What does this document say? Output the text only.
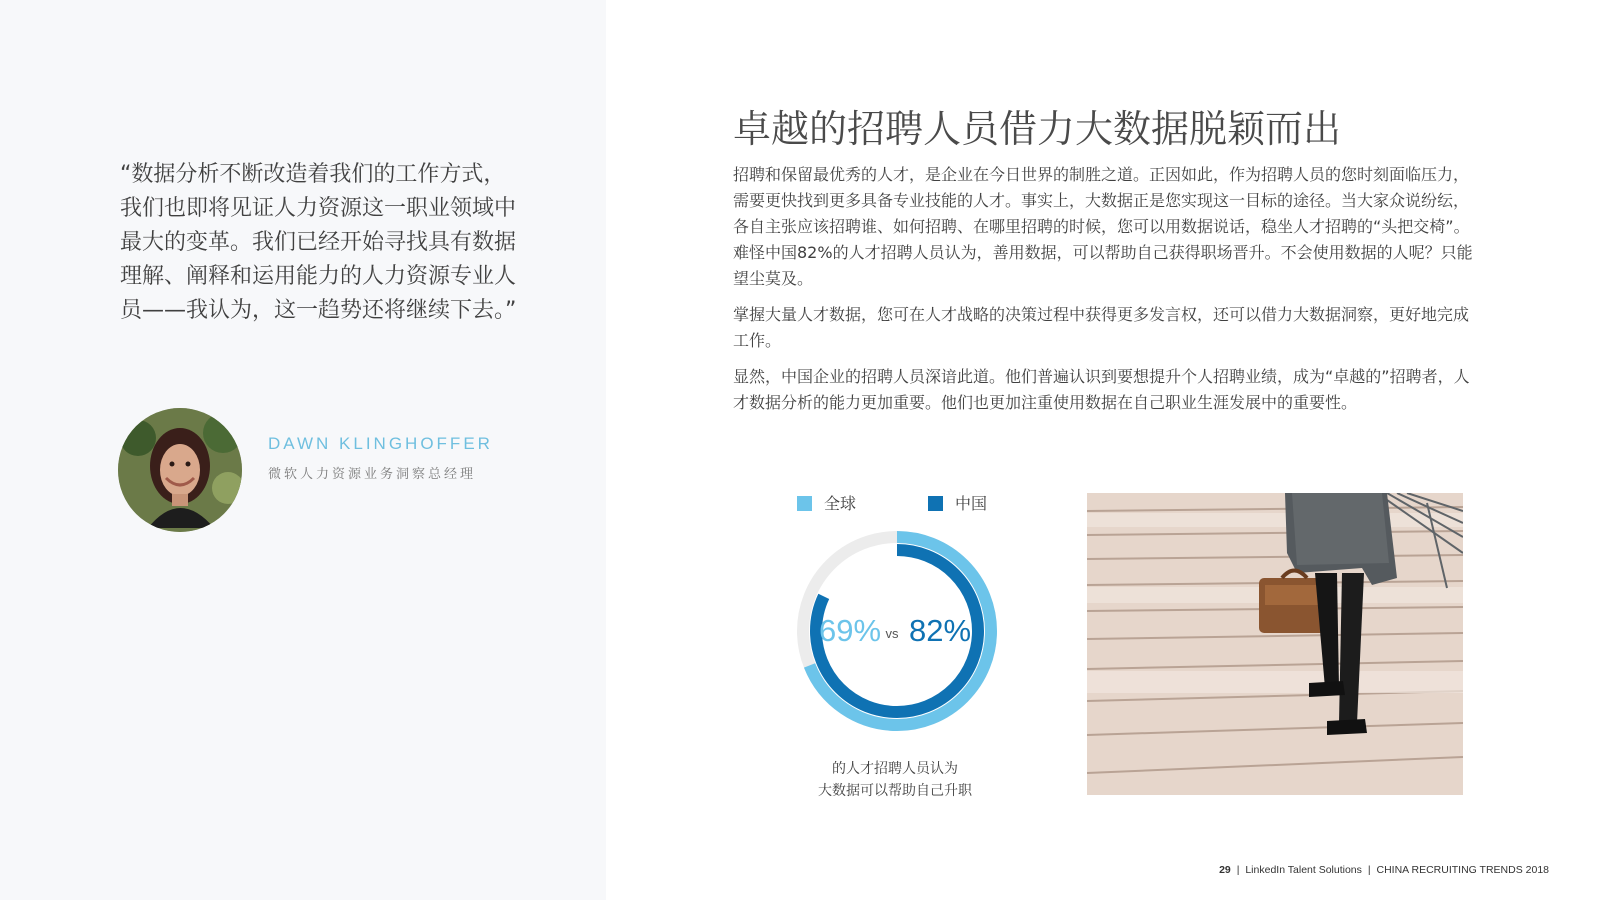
“数据分析不断改造着我们的工作方式，我们也即将见证人力资源这一职业领域中最大的变革。我们已经开始寻找具有数据理解、阐释和运用能力的人力资源专业人员——我认为，这一趋势还将继续下去。”

DAWN KLINGHOFFER
微软人力资源业务洞察总经理
卓越的招聘人员借力大数据脱颖而出

招聘和保留最优秀的人才，是企业在今日世界的制胜之道。正因如此，作为招聘人员的您时刻面临压力，需要更快找到更多具备专业技能的人才。事实上，大数据正是您实现这一目标的途径。当大家众说纷纭，各自主张应该招聘谁、如何招聘、在哪里招聘的时候，您可以用数据说话，稳坐人才招聘的“头把交椅”。难怪中国82%的人才招聘人员认为，善用数据，可以帮助自己获得职场晋升。不会使用数据的人呢？只能望尘莫及。

掌握大量人才数据，您可在人才战略的决策过程中获得更多发言权，还可以借力大数据洞察，更好地完成工作。

显然，中国企业的招聘人员深谙此道。他们普遍认识到要想提升个人招聘业绩，成为“卓越的”招聘者，人才数据分析的能力更加重要。他们也更加注重使用数据在自己职业生涯发展中的重要性。

全球	中国
69% vs 82%
的人才招聘人员认为
大数据可以帮助自己升职
29 | LinkedIn Talent Solutions | CHINA RECRUITING TRENDS 2018
